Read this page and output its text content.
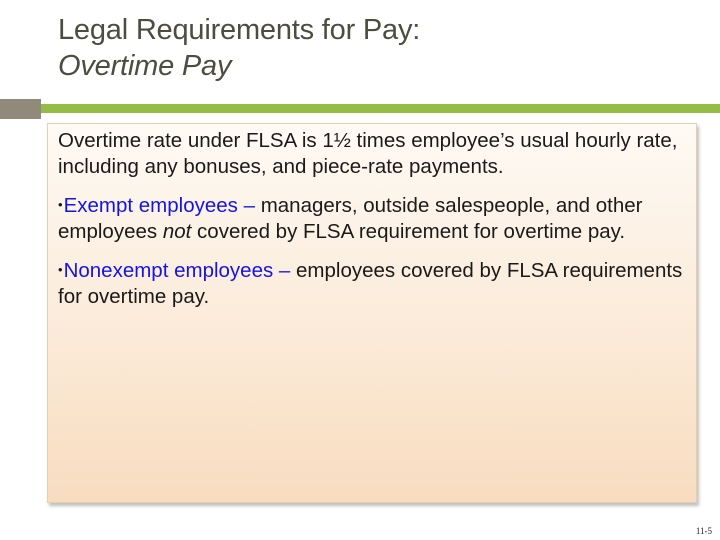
Legal Requirements for Pay:
Overtime Pay

Overtime rate under FLSA is 1½ times employee’s usual hourly rate, including any bonuses, and piece-rate payments.

•Exempt employees – managers, outside salespeople, and other employees not covered by FLSA requirement for overtime pay.

•Nonexempt employees – employees covered by FLSA requirements for overtime pay.

11-5
